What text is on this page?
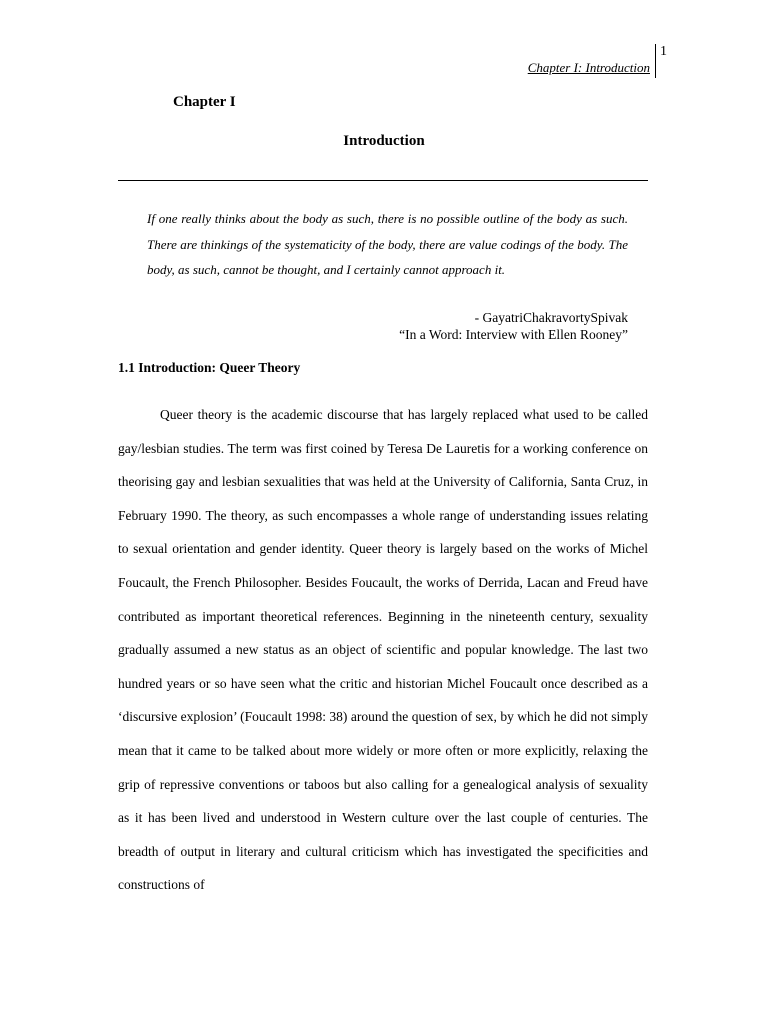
1
Chapter I: Introduction
Chapter I
Introduction
If one really thinks about the body as such, there is no possible outline of the body as such. There are thinkings of the systematicity of the body, there are value codings of the body. The body, as such, cannot be thought, and I certainly cannot approach it.
- GayatriChakravortySpivak
“In a Word: Interview with Ellen Rooney”
1.1 Introduction: Queer Theory

Queer theory is the academic discourse that has largely replaced what used to be called gay/lesbian studies. The term was first coined by Teresa De Lauretis for a working conference on theorising gay and lesbian sexualities that was held at the University of California, Santa Cruz, in February 1990. The theory, as such encompasses a whole range of understanding issues relating to sexual orientation and gender identity. Queer theory is largely based on the works of Michel Foucault, the French Philosopher. Besides Foucault, the works of Derrida, Lacan and Freud have contributed as important theoretical references. Beginning in the nineteenth century, sexuality gradually assumed a new status as an object of scientific and popular knowledge. The last two hundred years or so have seen what the critic and historian Michel Foucault once described as a ‘discursive explosion’ (Foucault 1998: 38) around the question of sex, by which he did not simply mean that it came to be talked about more widely or more often or more explicitly, relaxing the grip of repressive conventions or taboos but also calling for a genealogical analysis of sexuality as it has been lived and understood in Western culture over the last couple of centuries. The breadth of output in literary and cultural criticism which has investigated the specificities and constructions of
